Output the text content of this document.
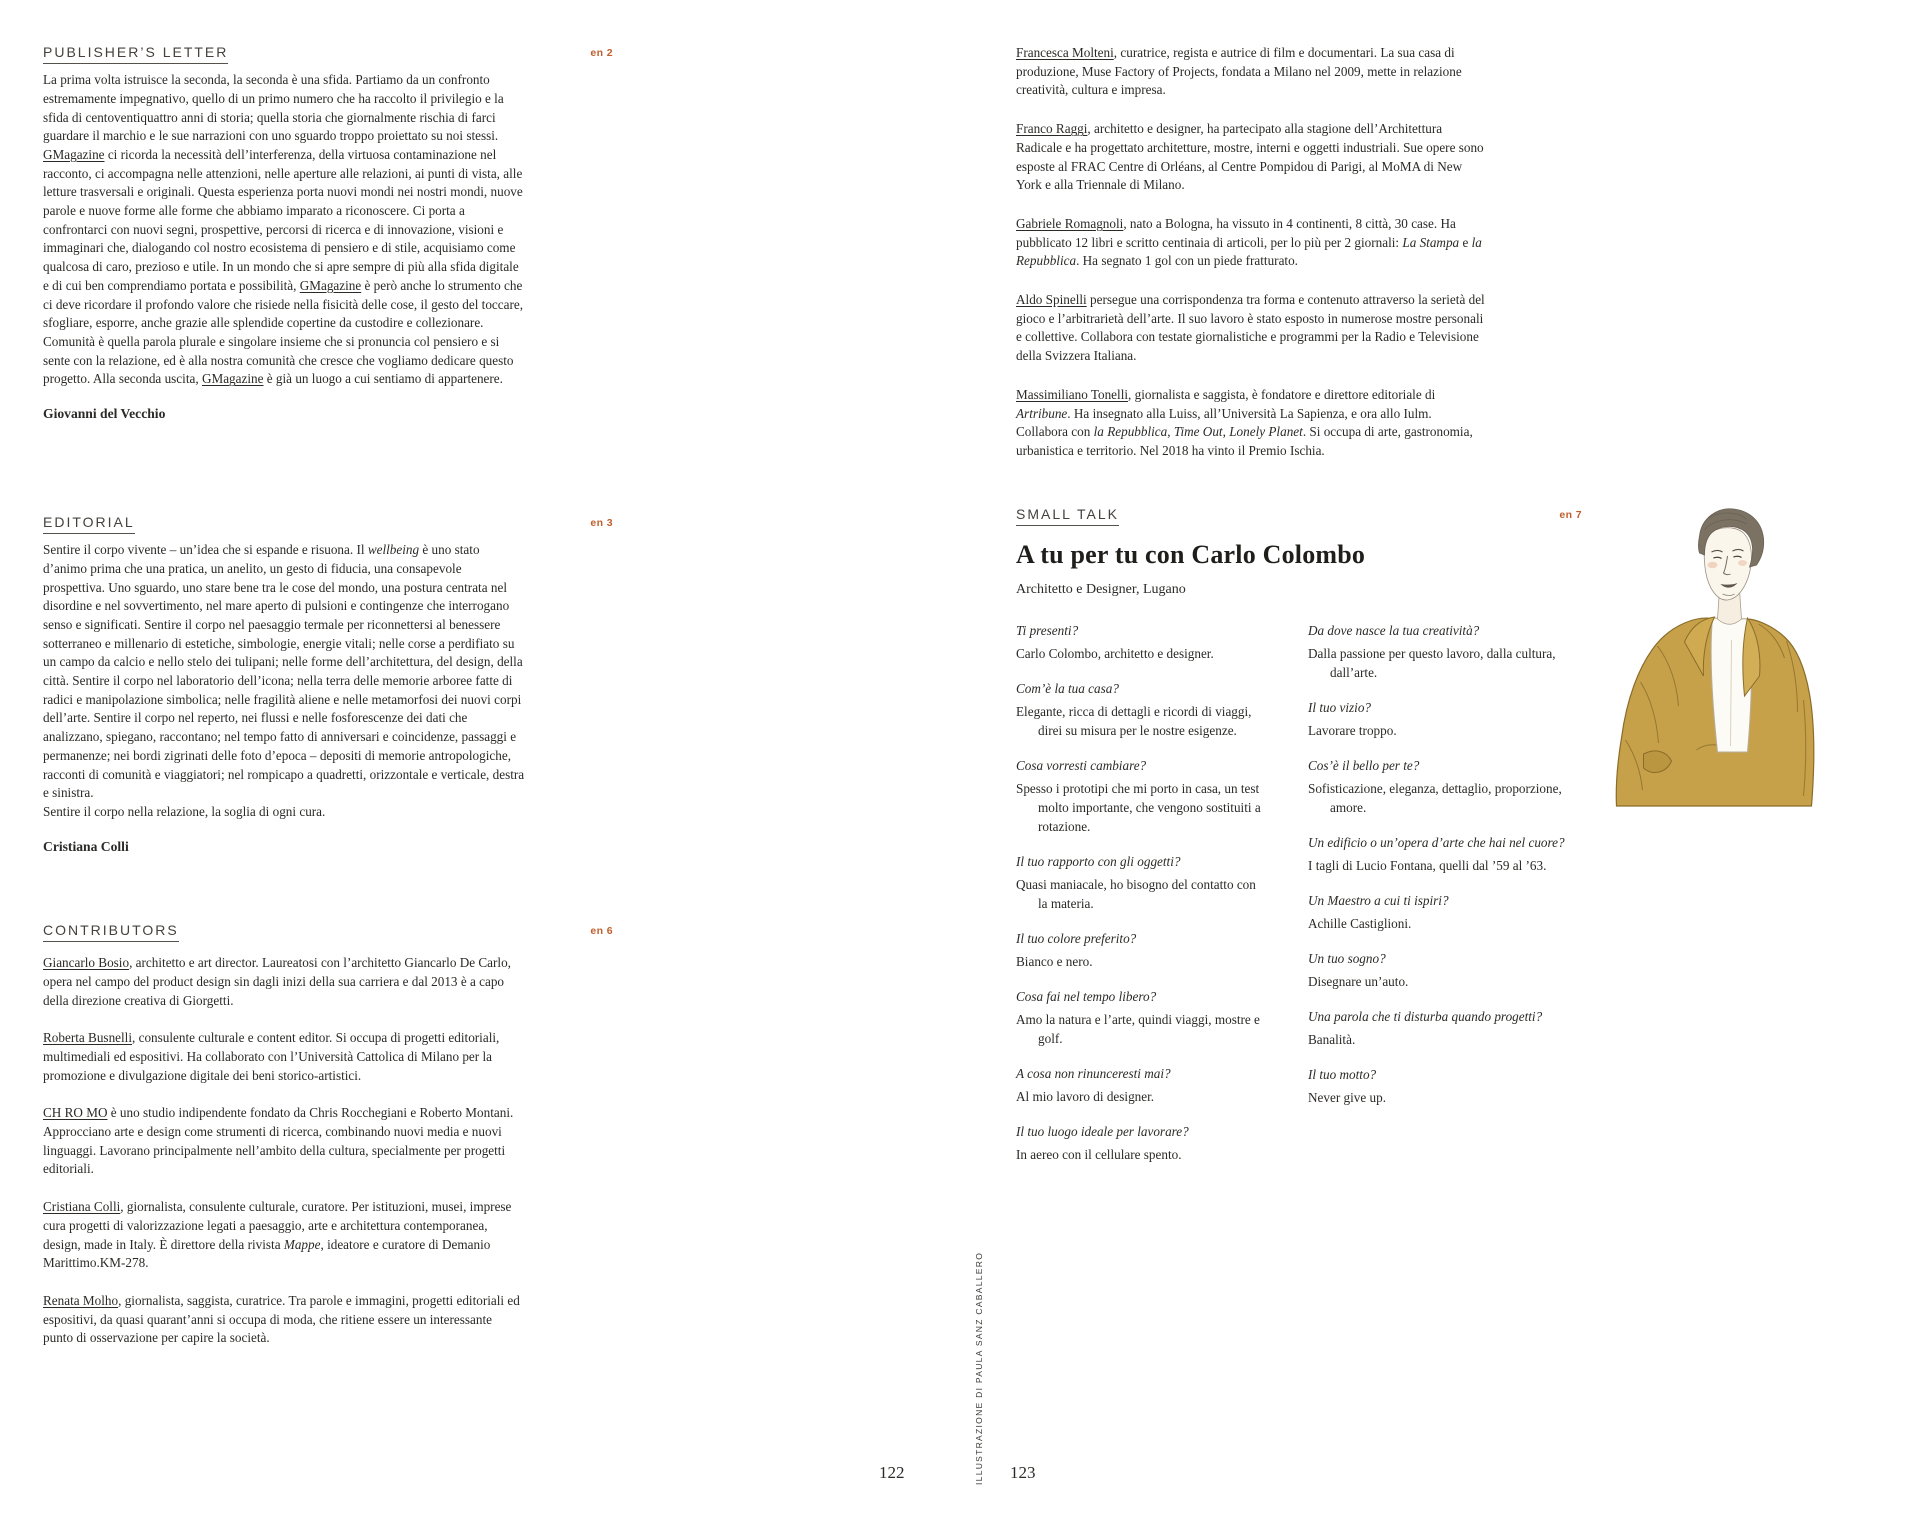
PUBLISHER’S LETTER	en 2

La prima volta istruisce la seconda, la seconda è una sfida. Partiamo da un confronto estremamente impegnativo, quello di un primo numero che ha raccolto il privilegio e la sfida di centoventiquattro anni di storia; quella storia che giornalmente rischia di farci guardare il marchio e le sue narrazioni con uno sguardo troppo proiettato su noi stessi. GMagazine ci ricorda la necessità dell’interferenza, della virtuosa contaminazione nel racconto, ci accompagna nelle attenzioni, nelle aperture alle relazioni, ai punti di vista, alle letture trasversali e originali. Questa esperienza porta nuovi mondi nei nostri mondi, nuove parole e nuove forme alle forme che abbiamo imparato a riconoscere. Ci porta a confrontarci con nuovi segni, prospettive, percorsi di ricerca e di innovazione, visioni e immaginari che, dialogando col nostro ecosistema di pensiero e di stile, acquisiamo come qualcosa di caro, prezioso e utile. In un mondo che si apre sempre di più alla sfida digitale e di cui ben comprendiamo portata e possibilità, GMagazine è però anche lo strumento che ci deve ricordare il profondo valore che risiede nella fisicità delle cose, il gesto del toccare, sfogliare, esporre, anche grazie alle splendide copertine da custodire e collezionare. Comunità è quella parola plurale e singolare insieme che si pronuncia col pensiero e si sente con la relazione, ed è alla nostra comunità che cresce che vogliamo dedicare questo progetto. Alla seconda uscita, GMagazine è già un luogo a cui sentiamo di appartenere.

Giovanni del Vecchio

EDITORIAL	en 3

Sentire il corpo vivente – un’idea che si espande e risuona. Il wellbeing è uno stato d’animo prima che una pratica, un anelito, un gesto di fiducia, una consapevole prospettiva. Uno sguardo, uno stare bene tra le cose del mondo, una postura centrata nel disordine e nel sovvertimento, nel mare aperto di pulsioni e contingenze che interrogano senso e significati. Sentire il corpo nel paesaggio termale per riconnettersi al benessere sotterraneo e millenario di estetiche, simbologie, energie vitali; nelle corse a perdifiato su un campo da calcio e nello stelo dei tulipani; nelle forme dell’architettura, del design, della città. Sentire il corpo nel laboratorio dell’icona; nella terra delle memorie arboree fatte di radici e manipolazione simbolica; nelle fragilità aliene e nelle metamorfosi dei nuovi corpi dell’arte. Sentire il corpo nel reperto, nei flussi e nelle fosforescenze dei dati che analizzano, spiegano, raccontano; nel tempo fatto di anniversari e coincidenze, passaggi e permanenze; nei bordi zigrinati delle foto d’epoca – depositi di memorie antropologiche, racconti di comunità e viaggiatori; nel rompicapo a quadretti, orizzontale e verticale, destra e sinistra.
Sentire il corpo nella relazione, la soglia di ogni cura.

Cristiana Colli

CONTRIBUTORS	en 6

Giancarlo Bosio, architetto e art director. Laureatosi con l’architetto Giancarlo De Carlo, opera nel campo del product design sin dagli inizi della sua carriera e dal 2013 è a capo della direzione creativa di Giorgetti.

Roberta Busnelli, consulente culturale e content editor. Si occupa di progetti editoriali, multimediali ed espositivi. Ha collaborato con l’Università Cattolica di Milano per la promozione e divulgazione digitale dei beni storico-artistici.

CH RO MO è uno studio indipendente fondato da Chris Rocchegiani e Roberto Montani. Approcciano arte e design come strumenti di ricerca, combinando nuovi media e nuovi linguaggi. Lavorano principalmente nell’ambito della cultura, specialmente per progetti editoriali.

Cristiana Colli, giornalista, consulente culturale, curatore. Per istituzioni, musei, imprese cura progetti di valorizzazione legati a paesaggio, arte e architettura contemporanea, design, made in Italy. È direttore della rivista Mappe, ideatore e curatore di Demanio Marittimo.KM-278.

Renata Molho, giornalista, saggista, curatrice. Tra parole e immagini, progetti editoriali ed espositivi, da quasi quarant’anni si occupa di moda, che ritiene essere un interessante punto di osservazione per capire la società.

Francesca Molteni, curatrice, regista e autrice di film e documentari. La sua casa di produzione, Muse Factory of Projects, fondata a Milano nel 2009, mette in relazione creatività, cultura e impresa.

Franco Raggi, architetto e designer, ha partecipato alla stagione dell’Architettura Radicale e ha progettato architetture, mostre, interni e oggetti industriali. Sue opere sono esposte al FRAC Centre di Orléans, al Centre Pompidou di Parigi, al MoMA di New York e alla Triennale di Milano.

Gabriele Romagnoli, nato a Bologna, ha vissuto in 4 continenti, 8 città, 30 case. Ha pubblicato 12 libri e scritto centinaia di articoli, per lo più per 2 giornali: La Stampa e la Repubblica. Ha segnato 1 gol con un piede fratturato.

Aldo Spinelli persegue una corrispondenza tra forma e contenuto attraverso la serietà del gioco e l’arbitrarietà dell’arte. Il suo lavoro è stato esposto in numerose mostre personali e collettive. Collabora con testate giornalistiche e programmi per la Radio e Televisione della Svizzera Italiana.

Massimiliano Tonelli, giornalista e saggista, è fondatore e direttore editoriale di Artribune. Ha insegnato alla Luiss, all’Università La Sapienza, e ora allo Iulm. Collabora con la Repubblica, Time Out, Lonely Planet. Si occupa di arte, gastronomia, urbanistica e territorio. Nel 2018 ha vinto il Premio Ischia.

SMALL TALK	en 7
A tu per tu con Carlo Colombo

Architetto e Designer, Lugano

Ti presenti?

Carlo Colombo, architetto e designer.

Com’è la tua casa?

Elegante, ricca di dettagli e ricordi di viaggi, direi su misura per le nostre esigenze.

Cosa vorresti cambiare?

Spesso i prototipi che mi porto in casa, un test molto importante, che vengono sostituiti a rotazione.

Il tuo rapporto con gli oggetti?

Quasi maniacale, ho bisogno del contatto con la materia.

Il tuo colore preferito?

Bianco e nero.

Cosa fai nel tempo libero?

Amo la natura e l’arte, quindi viaggi, mostre e golf.

A cosa non rinunceresti mai?

Al mio lavoro di designer.

Il tuo luogo ideale per lavorare?

In aereo con il cellulare spento.

Da dove nasce la tua creatività?

Dalla passione per questo lavoro, dalla cultura, dall’arte.

Il tuo vizio?

Lavorare troppo.

Cos’è il bello per te?

Sofisticazione, eleganza, dettaglio, proporzione, amore.

Un edificio o un’opera d’arte che hai nel cuore?

I tagli di Lucio Fontana, quelli dal ’59 al ’63.

Un Maestro a cui ti ispiri?

Achille Castiglioni.

Un tuo sogno?

Disegnare un’auto.

Una parola che ti disturba quando progetti?

Banalità.

Il tuo motto?

Never give up.

ILLUSTRAZIONE DI PAULA SANZ CABALLERO
122	123
